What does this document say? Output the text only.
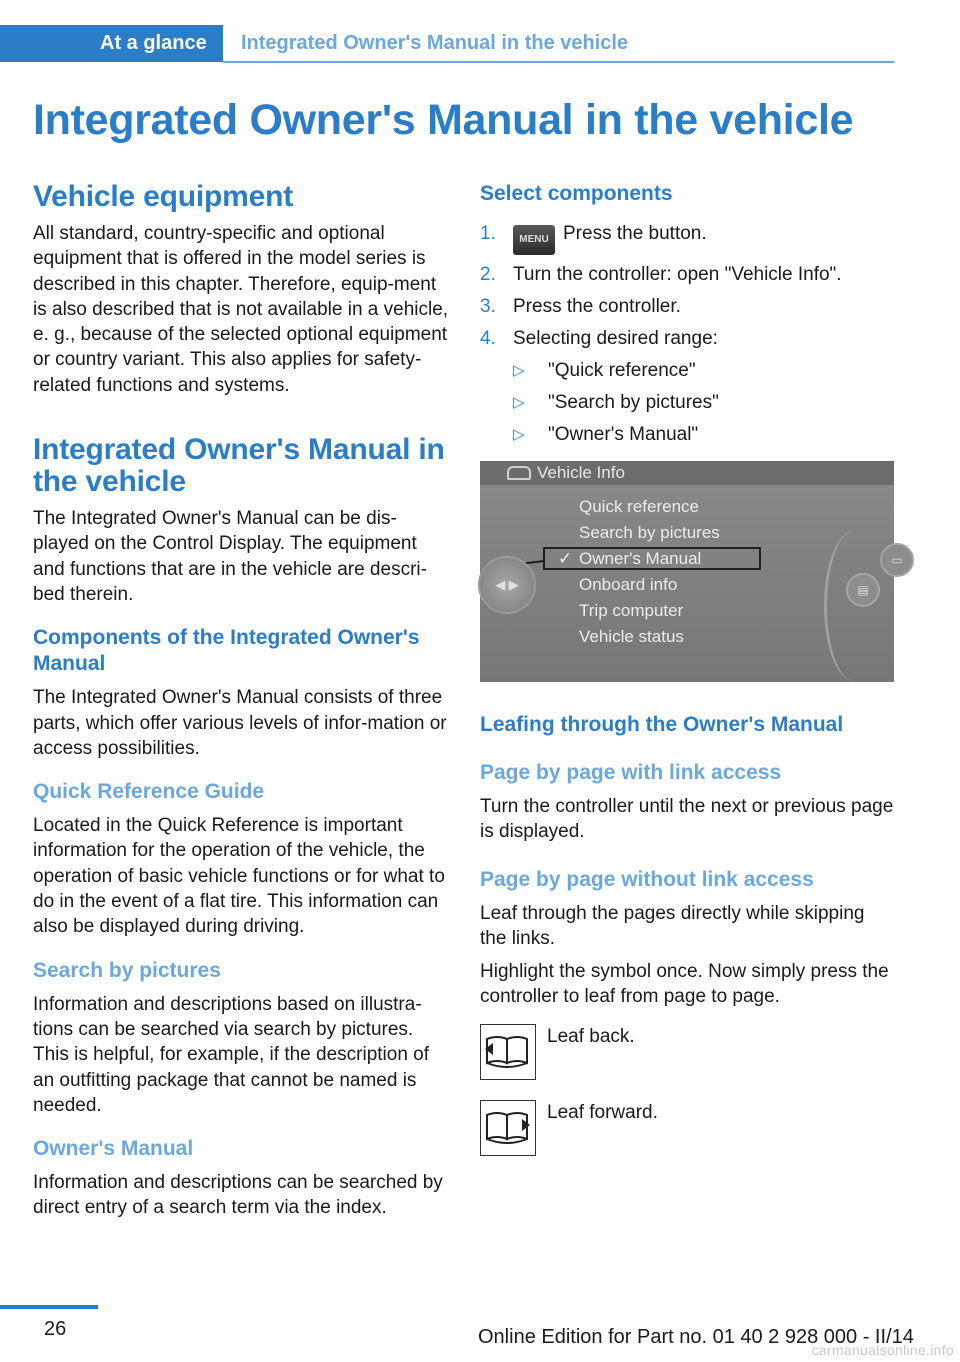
At a glance	Integrated Owner's Manual in the vehicle
Integrated Owner's Manual in the vehicle
Vehicle equipment

All standard, country-specific and optional equipment that is offered in the model series is described in this chapter. Therefore, equip-ment is also described that is not available in a vehicle, e. g., because of the selected optional equipment or country variant. This also applies for safety-related functions and systems.

Integrated Owner's Manual in the vehicle

The Integrated Owner's Manual can be dis-played on the Control Display. The equipment and functions that are in the vehicle are descri-bed therein.

Components of the Integrated Owner's Manual

The Integrated Owner's Manual consists of three parts, which offer various levels of infor-mation or access possibilities.

Quick Reference Guide

Located in the Quick Reference is important information for the operation of the vehicle, the operation of basic vehicle functions or for what to do in the event of a flat tire. This information can also be displayed during driving.

Search by pictures

Information and descriptions based on illustra-tions can be searched via search by pictures. This is helpful, for example, if the description of an outfitting package that cannot be named is needed.

Owner's Manual

Information and descriptions can be searched by direct entry of a search term via the index.

Select components
1. MENU Press the button.
2. Turn the controller: open "Vehicle Info".
3. Press the controller.
4. Selecting desired range:
▷ "Quick reference"
▷ "Search by pictures"
▷ "Owner's Manual"
Vehicle Info
Quick reference
Search by pictures
Owner's Manual
Onboard info
Trip computer
Vehicle status
✓
◀ ▶	▤
▭
Leafing through the Owner's Manual
Page by page with link access

Turn the controller until the next or previous page is displayed.

Page by page without link access

Leaf through the pages directly while skipping the links.

Highlight the symbol once. Now simply press the controller to leaf from page to page.

Leaf back.
Leaf forward.
26	Online Edition for Part no. 01 40 2 928 000 - II/14
carmanualsonline.info
